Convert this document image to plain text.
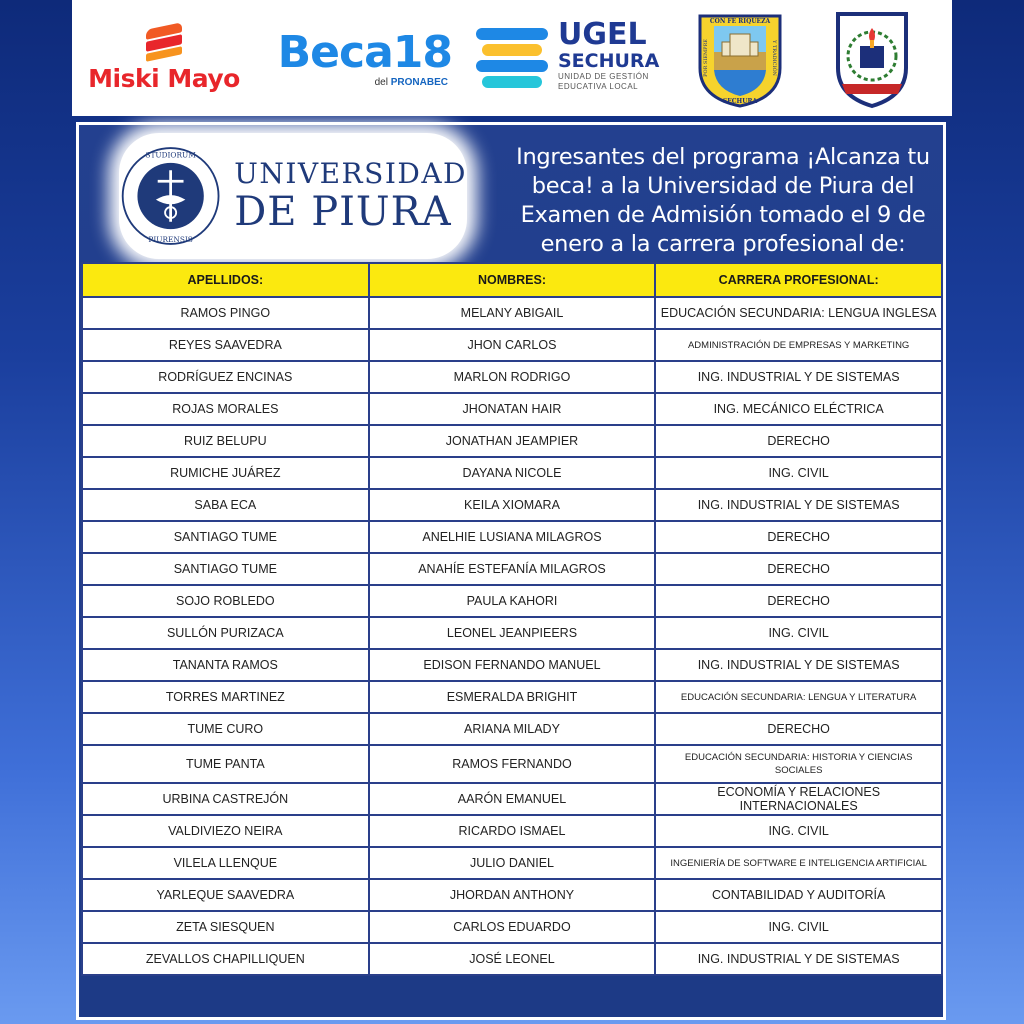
Miski Mayo
Beca18
del PRONABEC
UGEL
SECHURA
UNIDAD DE GESTIÓN
EDUCATIVA LOCAL
CON FE RIQUEZA
POR SIEMPRE	Y TRADICIÓN
SECHURA
STUDIORUM
PIURENSIS
UNIVERSIDAD
DE PIURA
Ingresantes del programa ¡Alcanza tu beca! a la Universidad de Piura del Examen de Admisión tomado el 9 de enero a la carrera profesional de:
APELLIDOS:	NOMBRES:	CARRERA PROFESIONAL:
RAMOS PINGO	MELANY ABIGAIL	EDUCACIÓN SECUNDARIA: LENGUA INGLESA
REYES SAAVEDRA	JHON CARLOS	ADMINISTRACIÓN DE EMPRESAS Y MARKETING
RODRÍGUEZ ENCINAS	MARLON RODRIGO	ING. INDUSTRIAL Y DE SISTEMAS
ROJAS MORALES	JHONATAN HAIR	ING. MECÁNICO ELÉCTRICA
RUIZ BELUPU	JONATHAN JEAMPIER	DERECHO
RUMICHE JUÁREZ	DAYANA NICOLE	ING. CIVIL
SABA ECA	KEILA XIOMARA	ING. INDUSTRIAL Y DE SISTEMAS
SANTIAGO TUME	ANELHIE LUSIANA MILAGROS	DERECHO
SANTIAGO TUME	ANAHÍE ESTEFANÍA MILAGROS	DERECHO
SOJO ROBLEDO	PAULA KAHORI	DERECHO
SULLÓN PURIZACA	LEONEL JEANPIEERS	ING. CIVIL
TANANTA RAMOS	EDISON FERNANDO MANUEL	ING. INDUSTRIAL Y DE SISTEMAS
TORRES MARTINEZ	ESMERALDA BRIGHIT	EDUCACIÓN SECUNDARIA: LENGUA Y LITERATURA
TUME CURO	ARIANA MILADY	DERECHO
TUME PANTA	RAMOS FERNANDO	EDUCACIÓN SECUNDARIA: HISTORIA Y CIENCIAS SOCIALES
URBINA CASTREJÓN	AARÓN EMANUEL	ECONOMÍA Y RELACIONES INTERNACIONALES
VALDIVIEZO NEIRA	RICARDO ISMAEL	ING. CIVIL
VILELA LLENQUE	JULIO DANIEL	INGENIERÍA DE SOFTWARE E INTELIGENCIA ARTIFICIAL
YARLEQUE SAAVEDRA	JHORDAN ANTHONY	CONTABILIDAD Y AUDITORÍA
ZETA SIESQUEN	CARLOS EDUARDO	ING. CIVIL
ZEVALLOS CHAPILLIQUEN	JOSÉ LEONEL	ING. INDUSTRIAL Y DE SISTEMAS
